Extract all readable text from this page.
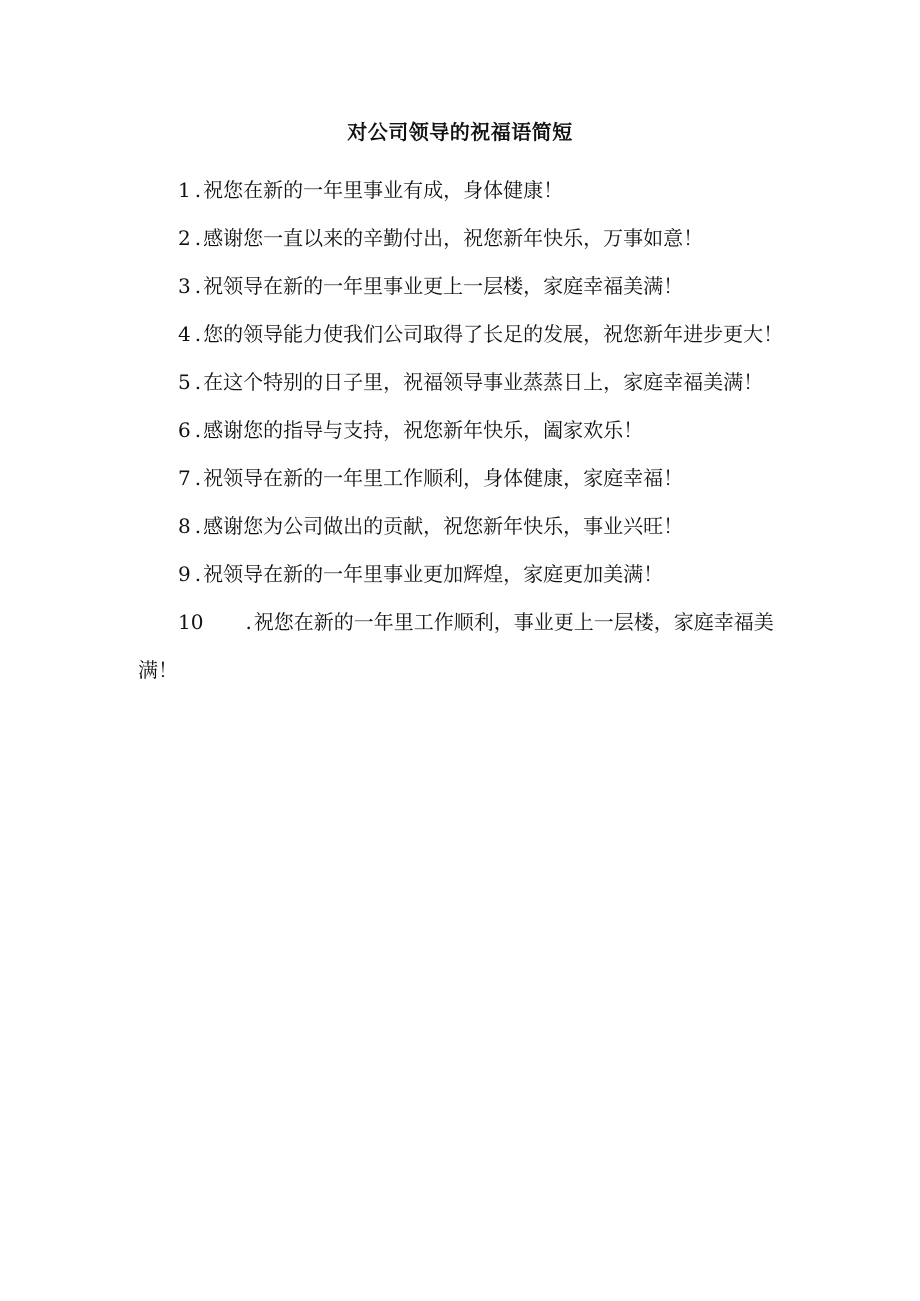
对公司领导的祝福语简短
1 . 祝您在新的一年里事业有成，身体健康！
2 . 感谢您一直以来的辛勤付出，祝您新年快乐，万事如意！
3 . 祝领导在新的一年里事业更上一层楼，家庭幸福美满！
4 . 您的领导能力使我们公司取得了长足的发展，祝您新年进步更大！
5 . 在这个特别的日子里，祝福领导事业蒸蒸日上，家庭幸福美满！
6 . 感谢您的指导与支持，祝您新年快乐，阖家欢乐！
7 . 祝领导在新的一年里工作顺利，身体健康，家庭幸福！
8 . 感谢您为公司做出的贡献，祝您新年快乐，事业兴旺！
9 . 祝领导在新的一年里事业更加辉煌，家庭更加美满！
10 . 祝您在新的一年里工作顺利，事业更上一层楼，家庭幸福美满！
